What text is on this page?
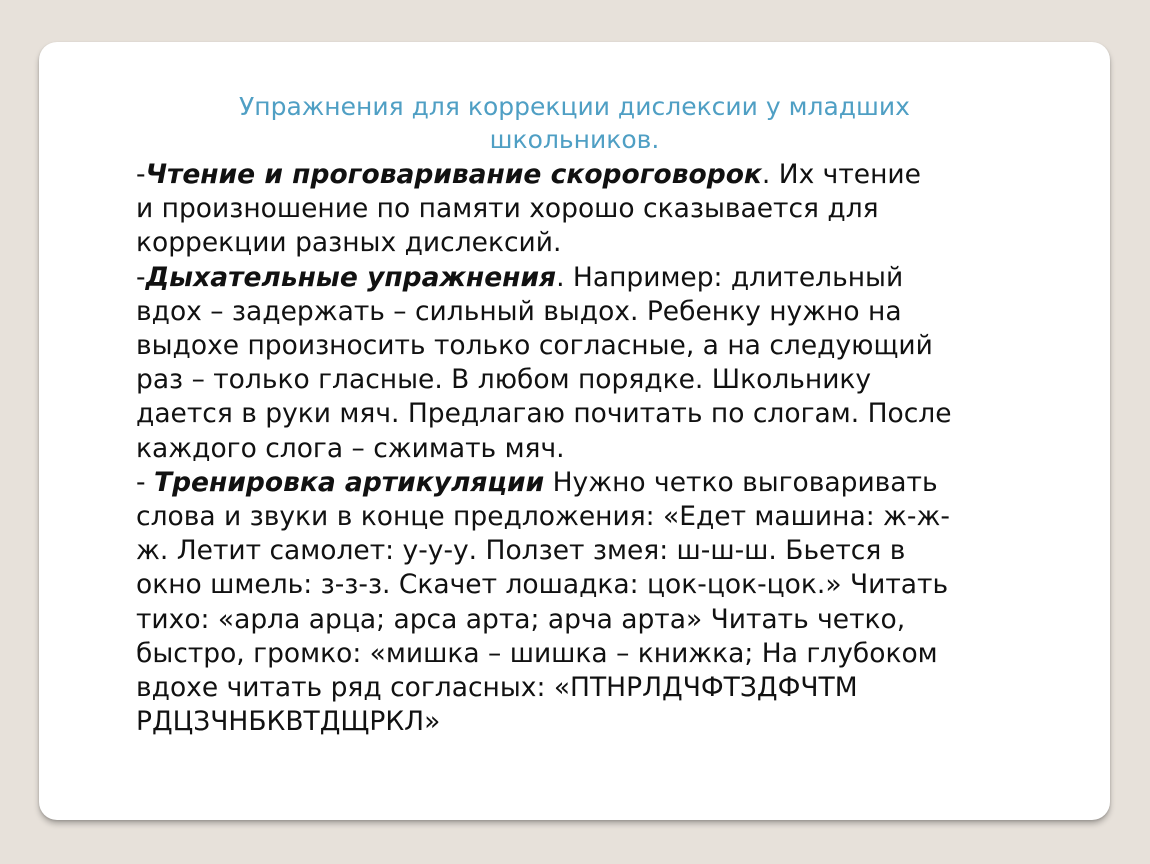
Упражнения для коррекции дислексии у младших
школьников.
-Чтение и проговаривание скороговорок. Их чтение
и произношение по памяти хорошо сказывается для
коррекции разных дислексий.
-Дыхательные упражнения. Например: длительный
вдох – задержать – сильный выдох. Ребенку нужно на
выдохе произносить только согласные, а на следующий
раз – только гласные. В любом порядке. Школьнику
дается в руки мяч. Предлагаю почитать по слогам. После
каждого слога – сжимать мяч.
- Тренировка артикуляции Нужно четко выговаривать
слова и звуки в конце предложения: «Едет машина: ж-ж-
ж. Летит самолет: у-у-у. Ползет змея: ш-ш-ш. Бьется в
окно шмель: з-з-з. Скачет лошадка: цок-цок-цок.» Читать
тихо: «арла арца; арса арта; арча арта» Читать четко,
быстро, громко: «мишка – шишка – книжка; На глубоком
вдохе читать ряд согласных: «ПТНРЛДЧФТЗДФЧТМ
РДЦЗЧНБКВТДЩРКЛ»
